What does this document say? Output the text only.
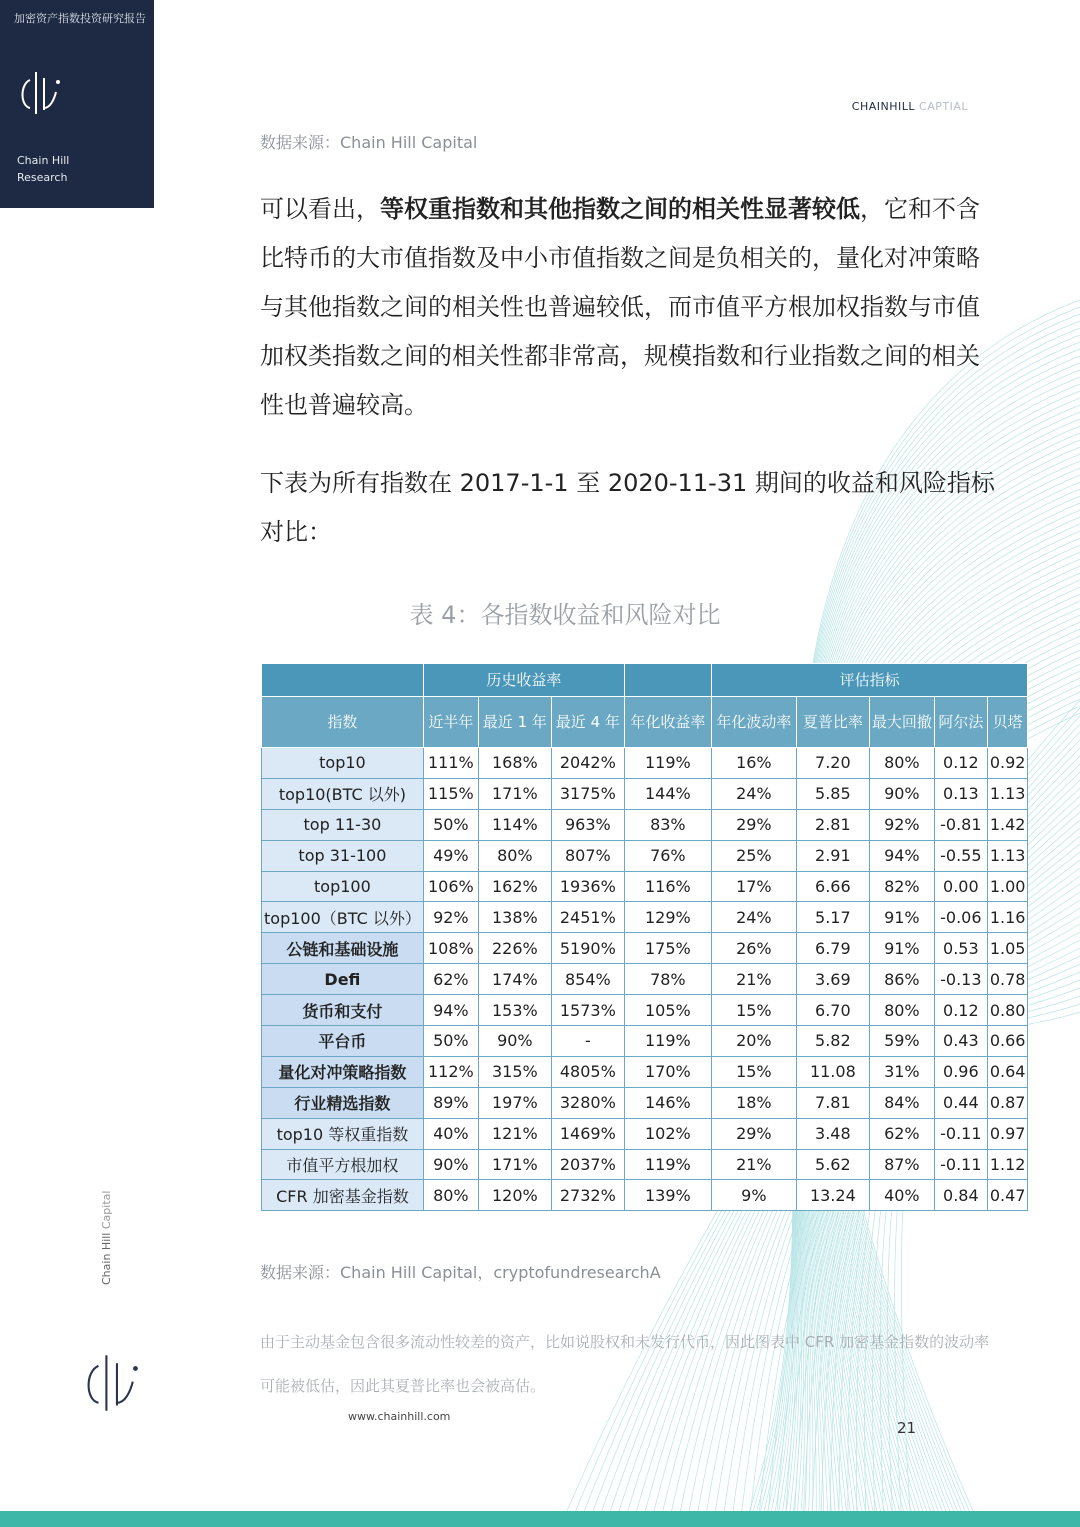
加密资产指数投资研究报告
Chain Hill
Research
CHAINHILL CAPTIAL
数据来源：Chain Hill Capital
可以看出，等权重指数和其他指数之间的相关性显著较低，它和不含比特币的大市值指数及中小市值指数之间是负相关的，量化对冲策略与其他指数之间的相关性也普遍较低，而市值平方根加权指数与市值加权类指数之间的相关性都非常高，规模指数和行业指数之间的相关性也普遍较高。
下表为所有指数在 2017-1-1 至 2020-11-31 期间的收益和风险指标对比：
表 4：各指数收益和风险对比
	历史收益率				评估指标				
指数	近半年	最近 1 年	最近 4 年	年化收益率	年化波动率	夏普比率	最大回撤	阿尔法	贝塔
top10	111%	168%	2042%	119%	16%	7.20	80%	0.12	0.92
top10(BTC 以外)	115%	171%	3175%	144%	24%	5.85	90%	0.13	1.13
top 11-30	50%	114%	963%	83%	29%	2.81	92%	-0.81	1.42
top 31-100	49%	80%	807%	76%	25%	2.91	94%	-0.55	1.13
top100	106%	162%	1936%	116%	17%	6.66	82%	0.00	1.00
top100（BTC 以外）	92%	138%	2451%	129%	24%	5.17	91%	-0.06	1.16
公链和基础设施	108%	226%	5190%	175%	26%	6.79	91%	0.53	1.05
Defi	62%	174%	854%	78%	21%	3.69	86%	-0.13	0.78
货币和支付	94%	153%	1573%	105%	15%	6.70	80%	0.12	0.80
平台币	50%	90%	-	119%	20%	5.82	59%	0.43	0.66
量化对冲策略指数	112%	315%	4805%	170%	15%	11.08	31%	0.96	0.64
行业精选指数	89%	197%	3280%	146%	18%	7.81	84%	0.44	0.87
top10 等权重指数	40%	121%	1469%	102%	29%	3.48	62%	-0.11	0.97
市值平方根加权	90%	171%	2037%	119%	21%	5.62	87%	-0.11	1.12
CFR 加密基金指数	80%	120%	2732%	139%	9%	13.24	40%	0.84	0.47
数据来源：Chain Hill Capital，cryptofundresearchA
由于主动基金包含很多流动性较差的资产，比如说股权和未发行代币，因此图表中 CFR 加密基金指数的波动率可能被低估，因此其夏普比率也会被高估。
Chain Hill Capital
www.chainhill.com
21
